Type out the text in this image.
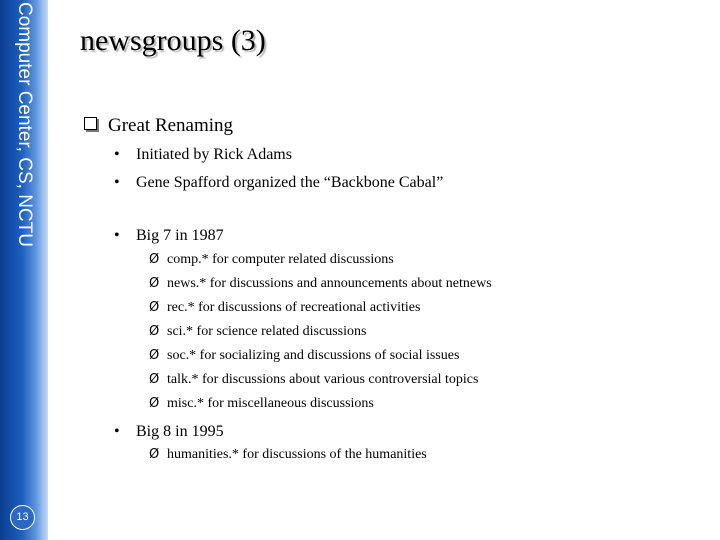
Computer Center, CS, NCTU
13
newsgroups (3)
Great Renaming
• Initiated by Rick Adams
• Gene Spafford organized the “Backbone Cabal”
• Big 7 in 1987
Ø comp.* for computer related discussions
Ø news.* for discussions and announcements about netnews
Ø rec.* for discussions of recreational activities
Ø sci.* for science related discussions
Ø soc.* for socializing and discussions of social issues
Ø talk.* for discussions about various controversial topics
Ø misc.* for miscellaneous discussions
• Big 8 in 1995
Ø humanities.* for discussions of the humanities
